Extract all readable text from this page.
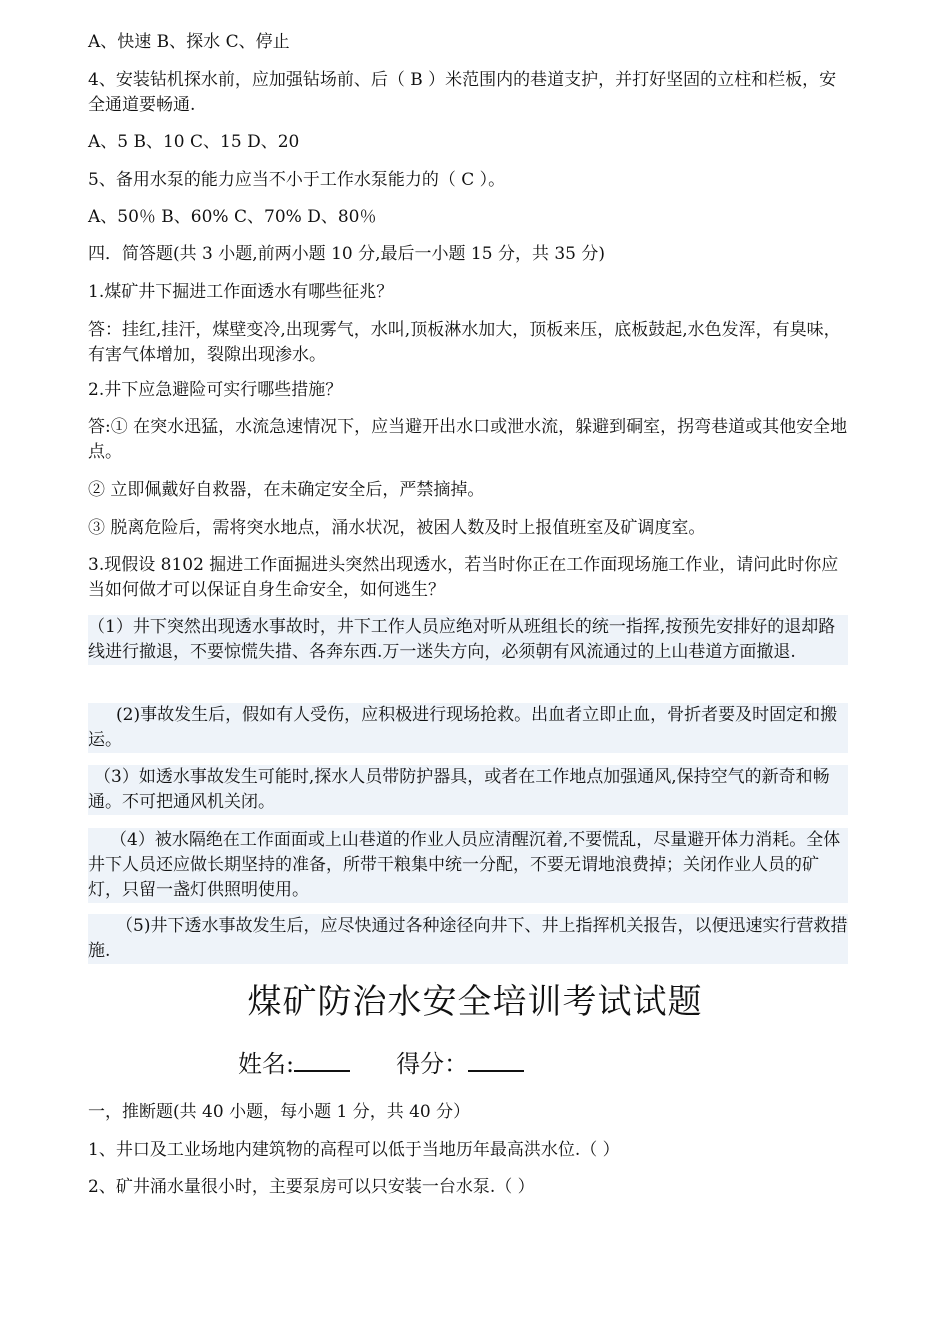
A、快速 B、探水 C、停止

4、安装钻机探水前，应加强钻场前、后（ B ）米范围内的巷道支护，并打好坚固的立柱和栏板，安全通道要畅通.

A、5 B、10 C、15 D、20

5、备用水泵的能力应当不小于工作水泵能力的（ C ）。

A、50％ B、60% C、70% D、80％

四．简答题(共 3 小题,前两小题 10 分,最后一小题 15 分，共 35 分)

1.煤矿井下掘进工作面透水有哪些征兆？

答：挂红,挂汗，煤壁变冷,出现雾气，水叫,顶板淋水加大，顶板来压，底板鼓起,水色发浑，有臭味，有害气体增加，裂隙出现渗水。

2.井下应急避险可实行哪些措施？

答:① 在突水迅猛，水流急速情况下，应当避开出水口或泄水流，躲避到硐室，拐弯巷道或其他安全地点。

② 立即佩戴好自救器，在未确定安全后，严禁摘掉。

③ 脱离危险后，需将突水地点，涌水状况，被困人数及时上报值班室及矿调度室。

3.现假设 8102 掘进工作面掘进头突然出现透水，若当时你正在工作面现场施工作业，请问此时你应当如何做才可以保证自身生命安全，如何逃生？

（1）井下突然出现透水事故时，井下工作人员应绝对听从班组长的统一指挥,按预先安排好的退却路线进行撤退，不要惊慌失措、各奔东西.万一迷失方向，必须朝有风流通过的上山巷道方面撤退.

(2)事故发生后，假如有人受伤，应积极进行现场抢救。出血者立即止血，骨折者要及时固定和搬运。

（3）如透水事故发生可能时,探水人员带防护器具，或者在工作地点加强通风,保持空气的新奇和畅通。不可把通风机关闭。

（4）被水隔绝在工作面面或上山巷道的作业人员应清醒沉着,不要慌乱，尽量避开体力消耗。全体井下人员还应做长期坚持的准备，所带干粮集中统一分配，不要无谓地浪费掉；关闭作业人员的矿灯，只留一盏灯供照明使用。

（5)井下透水事故发生后，应尽快通过各种途径向井下、井上指挥机关报告，以便迅速实行营救措施.

煤矿防治水安全培训考试试题
姓名:	得分：

一，推断题(共 40 小题，每小题 1 分，共 40 分）

1、井口及工业场地内建筑物的高程可以低于当地历年最高洪水位.（ ）

2、矿井涌水量很小时，主要泵房可以只安装一台水泵.（ ）
